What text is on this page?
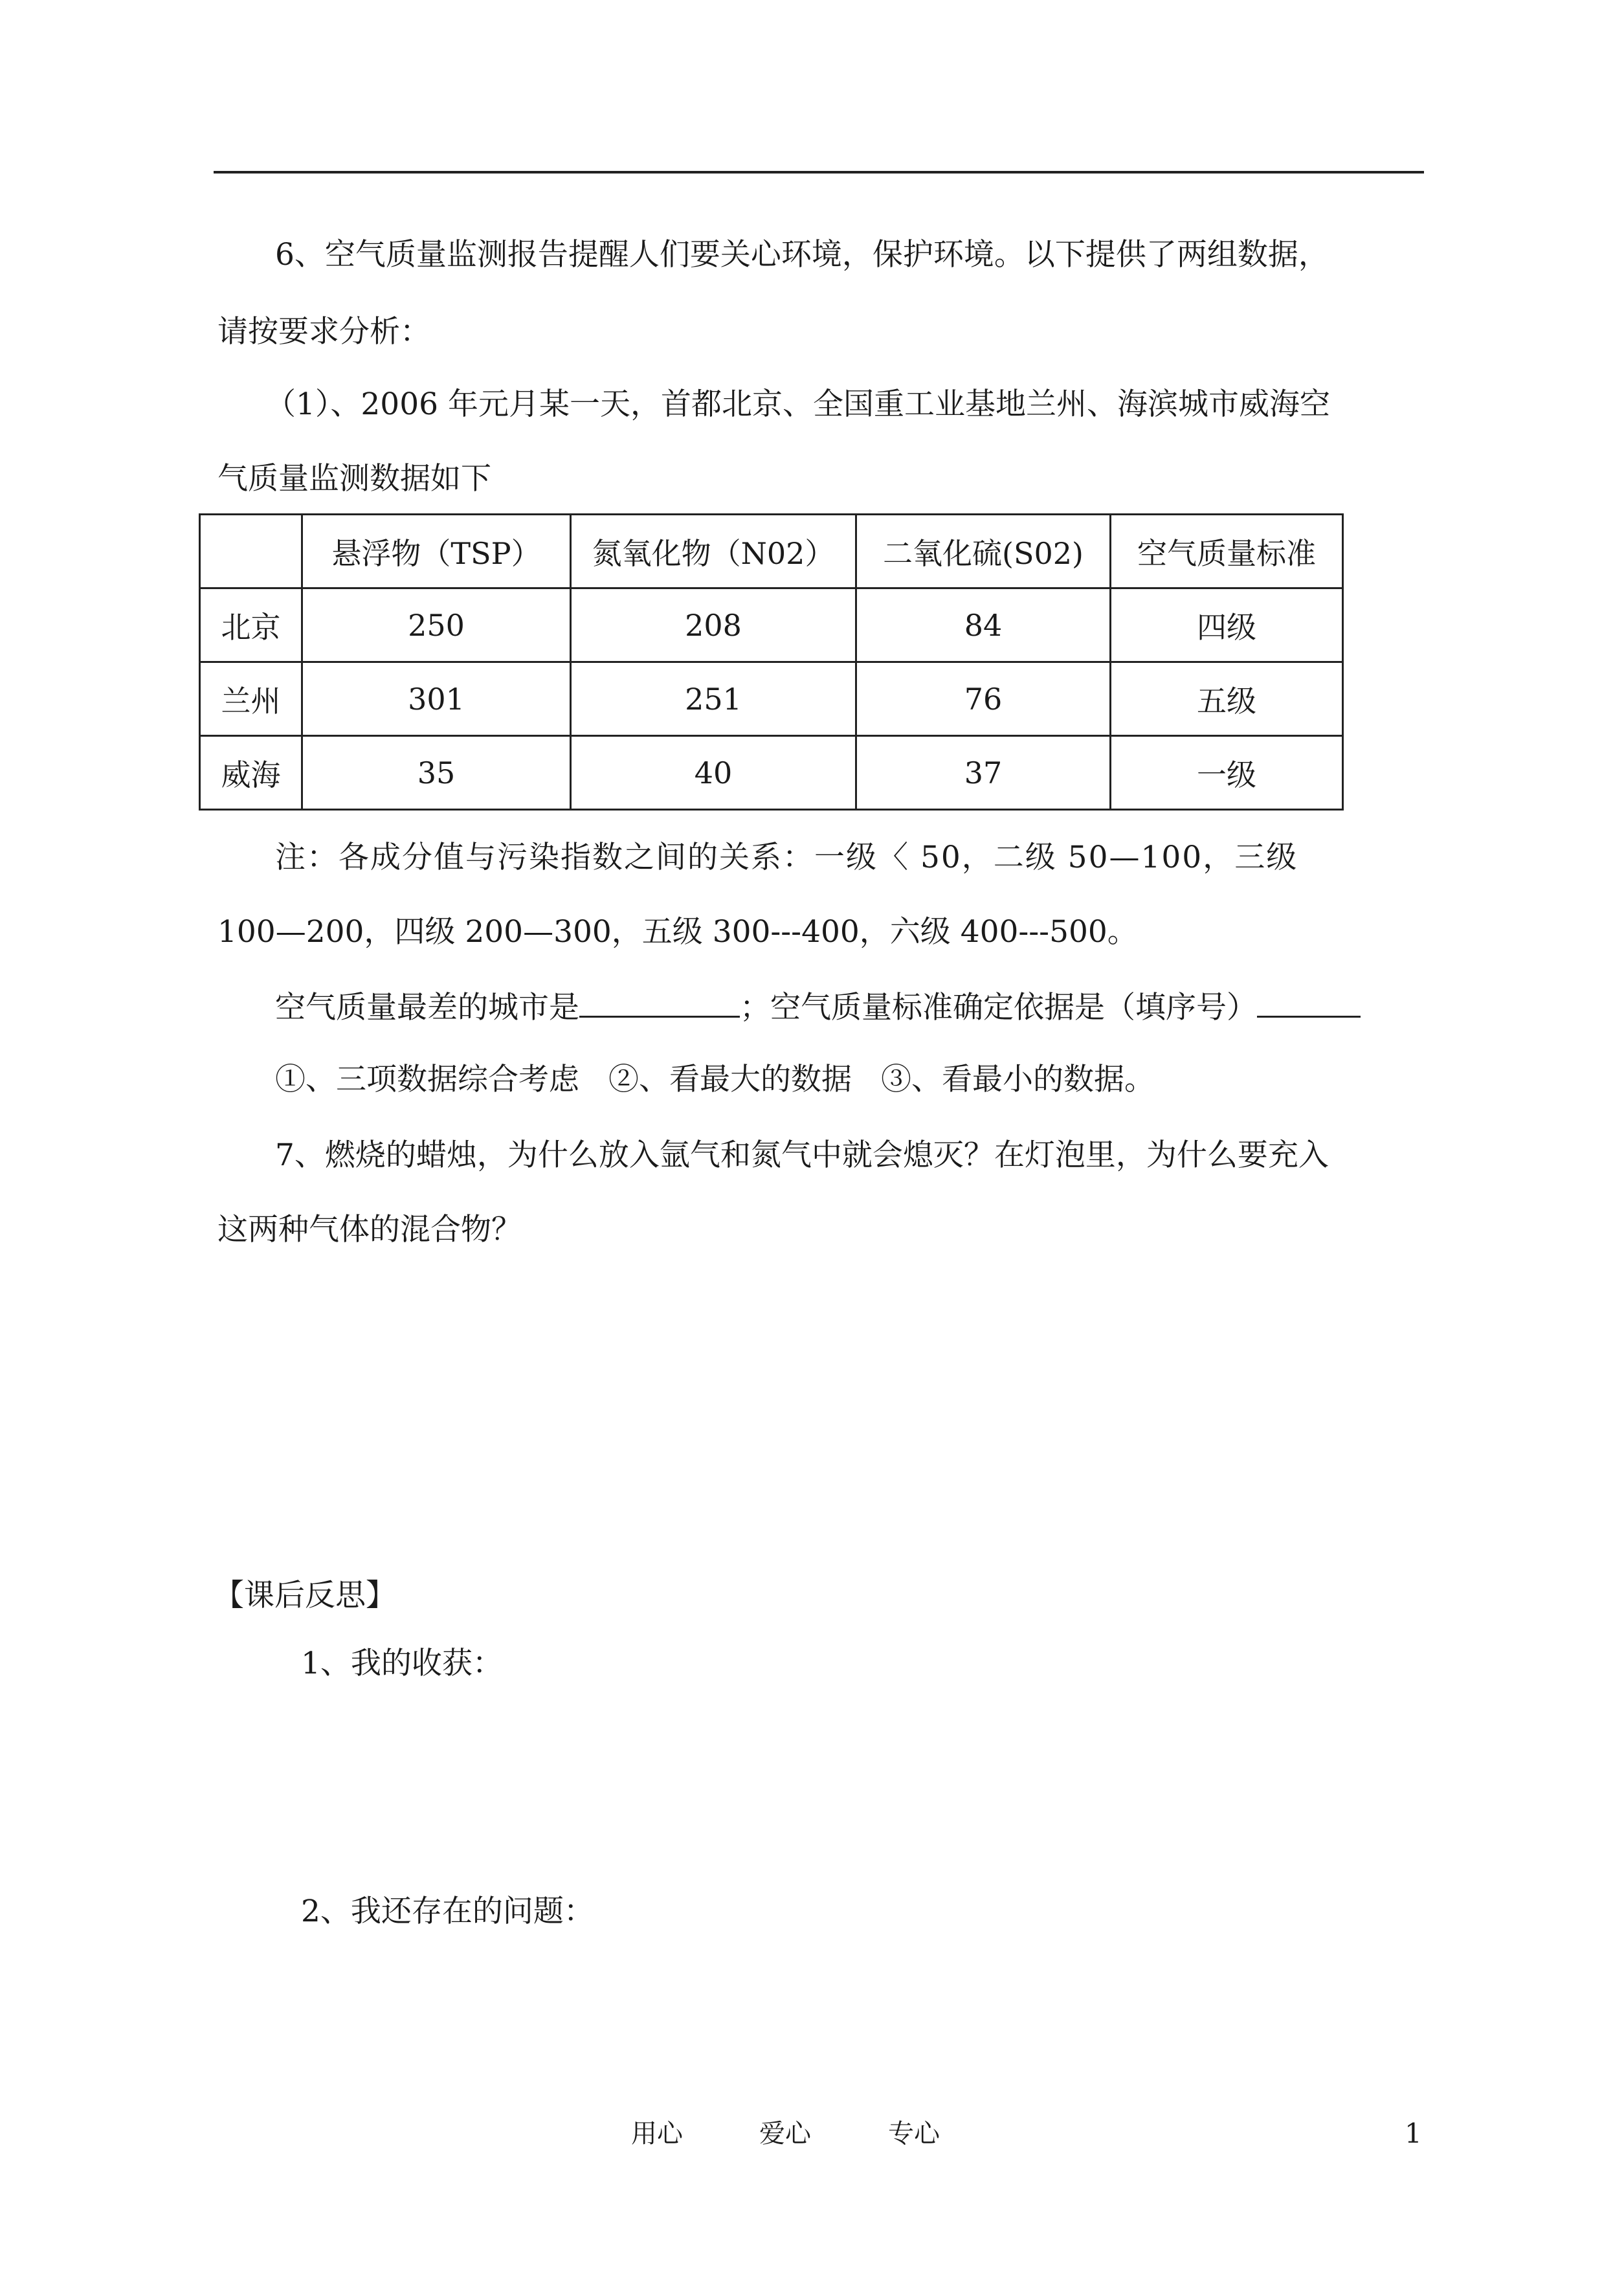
6、空气质量监测报告提醒人们要关心环境，保护环境。以下提供了两组数据，
请按要求分析：
（1）、2006 年元月某一天，首都北京、全国重工业基地兰州、海滨城市威海空
气质量监测数据如下
	悬浮物（TSP）	氮氧化物（N02）	二氧化硫(S02)	空气质量标准
北京	250	208	84	四级
兰州	301	251	76	五级
威海	35	40	37	一级
注：各成分值与污染指数之间的关系：一级〈 50，二级 50—100，三级
100—200，四级 200—300，五级 300---400，六级 400---500。
空气质量最差的城市是	；空气质量标准确定依据是（填序号）
①、三项数据综合考虑 ②、看最大的数据 ③、看最小的数据。
7、燃烧的蜡烛，为什么放入氩气和氮气中就会熄灭？在灯泡里，为什么要充入
这两种气体的混合物？
【课后反思】
1、我的收获：
2、我还存在的问题：
用心	爱心	专心	1
